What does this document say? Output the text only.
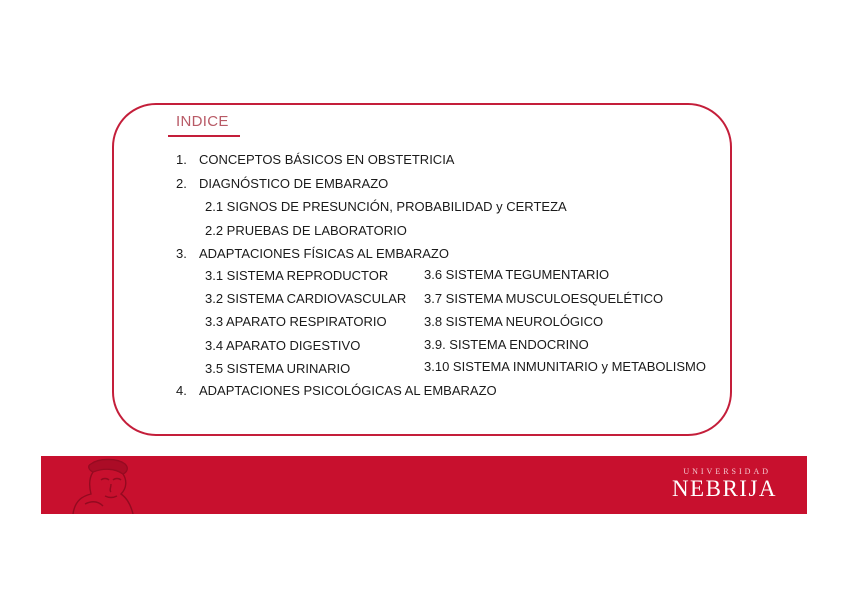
INDICE
1. CONCEPTOS BÁSICOS EN OBSTETRICIA
2. DIAGNÓSTICO DE EMBARAZO
2.1 SIGNOS DE PRESUNCIÓN, PROBABILIDAD y CERTEZA
2.2 PRUEBAS DE LABORATORIO
3. ADAPTACIONES FÍSICAS AL EMBARAZO
3.1 SISTEMA REPRODUCTOR
3.2 SISTEMA CARDIOVASCULAR
3.3 APARATO RESPIRATORIO
3.4 APARATO DIGESTIVO
3.5 SISTEMA URINARIO
3.6 SISTEMA TEGUMENTARIO
3.7 SISTEMA MUSCULOESQUELÉTICO
3.8 SISTEMA NEUROLÓGICO
3.9. SISTEMA ENDOCRINO
3.10 SISTEMA INMUNITARIO y METABOLISMO
4. ADAPTACIONES PSICOLÓGICAS AL EMBARAZO
UNIVERSIDAD
NEBRIJA
